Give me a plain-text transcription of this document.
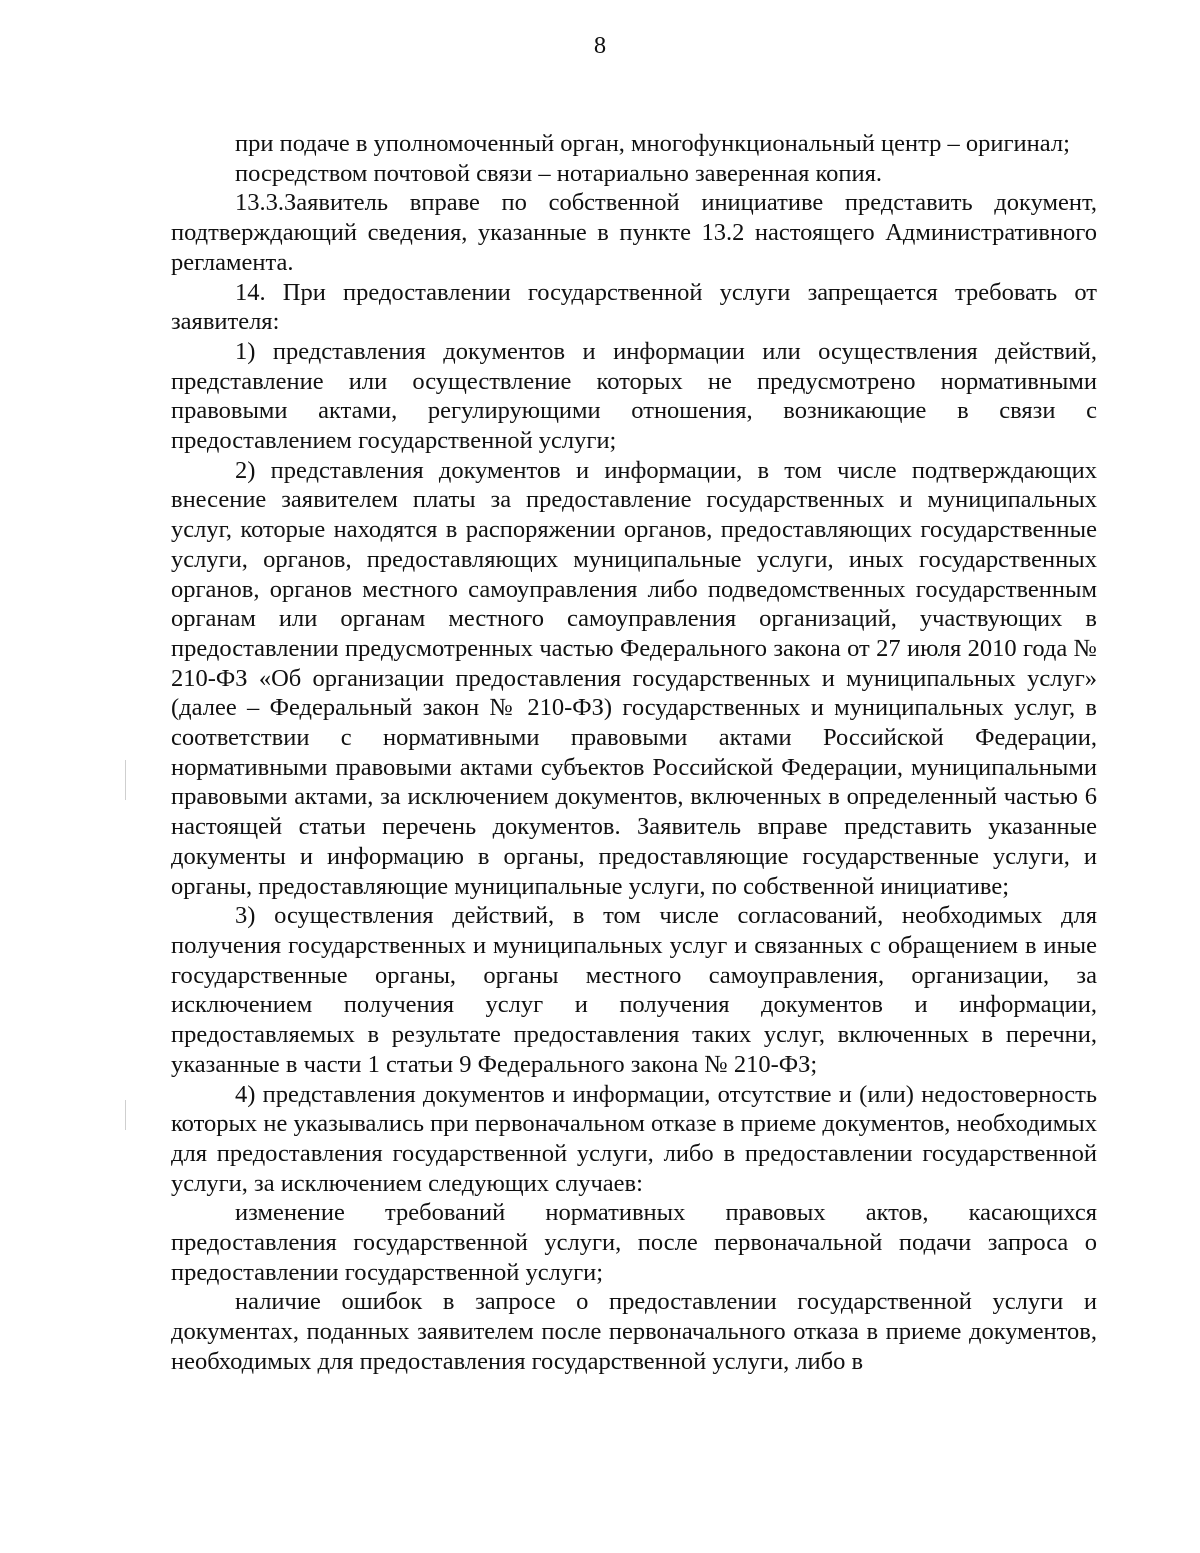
8

при подаче в уполномоченный орган, многофункциональный центр – оригинал;

посредством почтовой связи – нотариально заверенная копия.

13.3.Заявитель вправе по собственной инициативе представить документ, подтверждающий сведения, указанные в пункте 13.2 настоящего Административного регламента.

14. При предоставлении государственной услуги запрещается требовать от заявителя:

1) представления документов и информации или осуществления действий, представление или осуществление которых не предусмотрено нормативными правовыми актами, регулирующими отношения, возникающие в связи с предоставлением государственной услуги;

2) представления документов и информации, в том числе подтверждающих внесение заявителем платы за предоставление государственных и муниципальных услуг, которые находятся в распоряжении органов, предоставляющих государственные услуги, органов, предоставляющих муниципальные услуги, иных государственных органов, органов местного самоуправления либо подведомственных государственным органам или органам местного самоуправления организаций, участвующих в предоставлении предусмотренных частью Федерального закона от 27 июля 2010 года № 210-ФЗ «Об организации предоставления государственных и муниципальных услуг» (далее – Федеральный закон № 210-ФЗ) государственных и муниципальных услуг, в соответствии с нормативными правовыми актами Российской Федерации, нормативными правовыми актами субъектов Российской Федерации, муниципальными правовыми актами, за исключением документов, включенных в определенный частью 6 настоящей статьи перечень документов. Заявитель вправе представить указанные документы и информацию в органы, предоставляющие государственные услуги, и органы, предоставляющие муниципальные услуги, по собственной инициативе;

3) осуществления действий, в том числе согласований, необходимых для получения государственных и муниципальных услуг и связанных с обращением в иные государственные органы, органы местного самоуправления, организации, за исключением получения услуг и получения документов и информации, предоставляемых в результате предоставления таких услуг, включенных в перечни, указанные в части 1 статьи 9 Федерального закона № 210-ФЗ;

4) представления документов и информации, отсутствие и (или) недостоверность которых не указывались при первоначальном отказе в приеме документов, необходимых для предоставления государственной услуги, либо в предоставлении государственной услуги, за исключением следующих случаев:

изменение требований нормативных правовых актов, касающихся предоставления государственной услуги, после первоначальной подачи запроса о предоставлении государственной услуги;

наличие ошибок в запросе о предоставлении государственной услуги и документах, поданных заявителем после первоначального отказа в приеме документов, необходимых для предоставления государственной услуги, либо в
